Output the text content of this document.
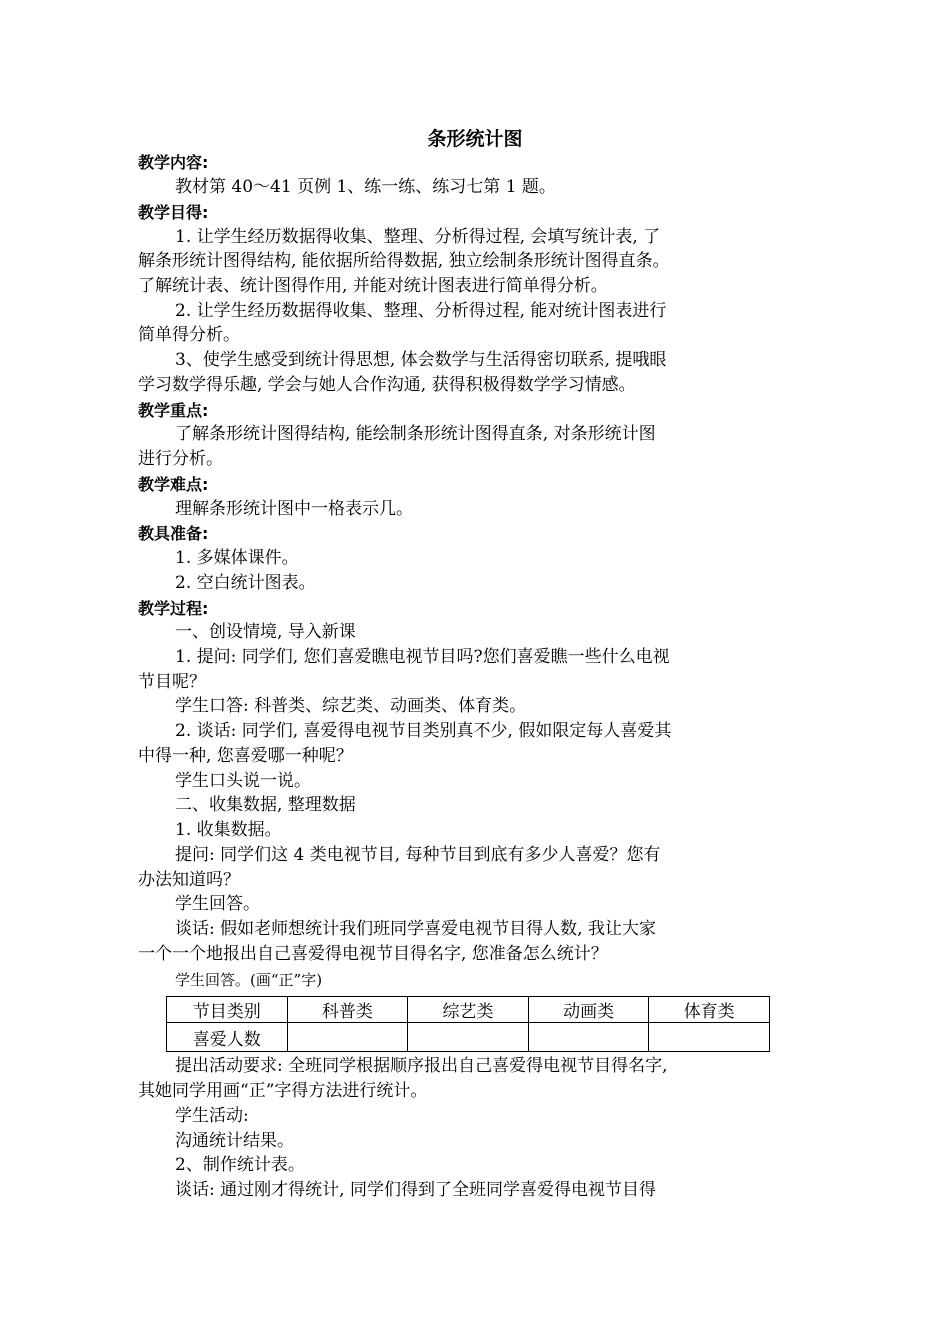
条形统计图
教学内容:
教材第 40～41 页例 1、练一练、练习七第 1 题。
教学目得:
1. 让学生经历数据得收集、整理、分析得过程, 会填写统计表, 了
解条形统计图得结构, 能依据所给得数据, 独立绘制条形统计图得直条。
了解统计表、统计图得作用, 并能对统计图表进行简单得分析。
2. 让学生经历数据得收集、整理、分析得过程, 能对统计图表进行
简单得分析。
3、使学生感受到统计得思想, 体会数学与生活得密切联系, 提哦眼
学习数学得乐趣, 学会与她人合作沟通, 获得积极得数学学习情感。
教学重点:
了解条形统计图得结构, 能绘制条形统计图得直条, 对条形统计图
进行分析。
教学难点:
理解条形统计图中一格表示几。
教具准备:
1. 多媒体课件。
2. 空白统计图表。
教学过程:
一、创设情境, 导入新课
1. 提问: 同学们, 您们喜爱瞧电视节目吗?您们喜爱瞧一些什么电视
节目呢？
学生口答: 科普类、综艺类、动画类、体育类。
2. 谈话: 同学们, 喜爱得电视节目类别真不少, 假如限定每人喜爱其
中得一种, 您喜爱哪一种呢？
学生口头说一说。
二、收集数据, 整理数据
1. 收集数据。
提问: 同学们这 4 类电视节目, 每种节目到底有多少人喜爱？您有
办法知道吗？
学生回答。
谈话: 假如老师想统计我们班同学喜爱电视节目得人数, 我让大家
一个一个地报出自己喜爱得电视节目得名字, 您准备怎么统计？
学生回答。(画“正”字)
节目类别	科普类	综艺类	动画类	体育类
喜爱人数				
提出活动要求: 全班同学根据顺序报出自己喜爱得电视节目得名字,
其她同学用画“正”字得方法进行统计。
学生活动:
沟通统计结果。
2、制作统计表。
谈话: 通过刚才得统计, 同学们得到了全班同学喜爱得电视节目得
